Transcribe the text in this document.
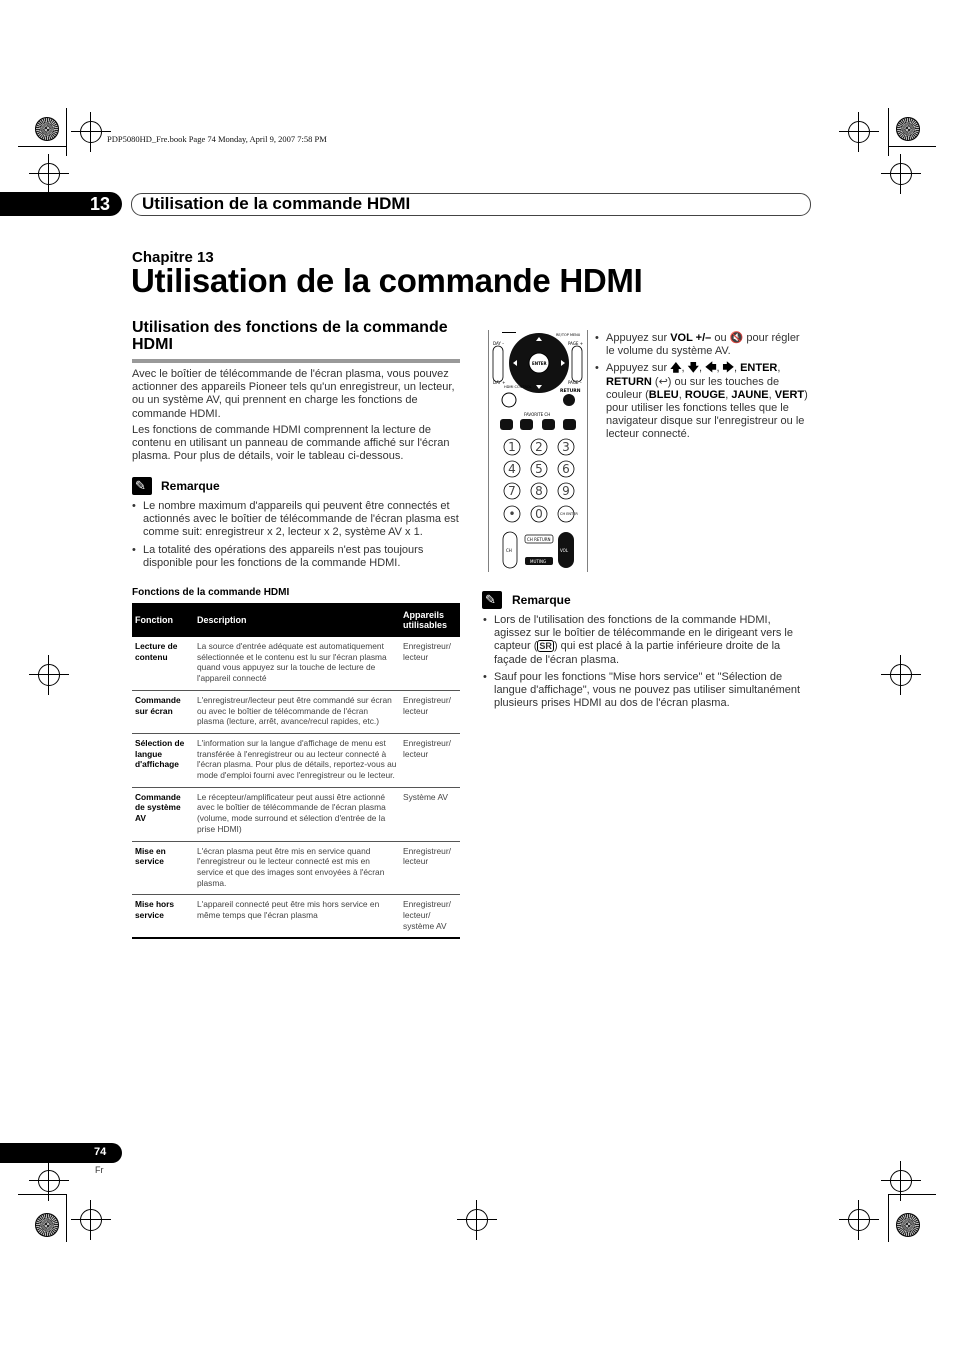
PDP5080HD_Fre.book Page 74 Monday, April 9, 2007 7:58 PM
13 Utilisation de la commande HDMI
Chapitre 13
Utilisation de la commande HDMI
Utilisation des fonctions de la commande HDMI

Avec le boîtier de télécommande de l'écran plasma, vous pouvez actionner des appareils Pioneer tels qu'un enregistreur, un lecteur, ou un système AV, qui prennent en charge les fonctions de commande HDMI.

Les fonctions de commande HDMI comprennent la lecture de contenu en utilisant un panneau de commande affiché sur l'écran plasma. Pour plus de détails, voir le tableau ci-dessous.

✎ Remarque
• Le nombre maximum d'appareils qui peuvent être connectés et actionnés avec le boîtier de télécommande de l'écran plasma est comme suit: enregistreur x 2, lecteur x 2, système AV x 1.
• La totalité des opérations des appareils n'est pas toujours disponible pour les fonctions de la commande HDMI.
Fonctions de la commande HDMI
Fonction	Description	Appareils utilisables
Lecture de contenu	La source d'entrée adéquate est automatiquement sélectionnée et le contenu est lu sur l'écran plasma quand vous appuyez sur la touche de lecture de l'appareil connecté	Enregistreur/ lecteur
Commande sur écran	L'enregistreur/lecteur peut être commandé sur écran ou avec le boîtier de télécommande de l'écran plasma (lecture, arrêt, avance/recul rapides, etc.)	Enregistreur/ lecteur
Sélection de langue d'affichage	L'information sur la langue d'affichage de menu est transférée à l'enregistreur ou au lecteur connecté à l'écran plasma. Pour plus de détails, reportez-vous au mode d'emploi fourni avec l'enregistreur ou le lecteur.	Enregistreur/ lecteur
Commande de système AV	Le récepteur/amplificateur peut aussi être actionné avec le boîtier de télécommande de l'écran plasma (volume, mode surround et sélection d'entrée de la prise HDMI)	Système AV
Mise en service	L'écran plasma peut être mis en service quand l'enregistreur ou le lecteur connecté est mis en service et que des images sont envoyées à l'écran plasma.	Enregistreur/ lecteur
Mise hors service	L'appareil connecté peut être mis hors service en même temps que l'écran plasma	Enregistreur/ lecteur/ système AV
DAY –
DAY +
PAGE +
PAGE –
RE/TOP MENU
ENTER
HDMI CONTROL
RETURN
FAVORITE CH
1 2 3
4 5 6
7 8 9
• 0	CH ENTER
CH
CH RETURN
MUTING
VOL
• Appuyez sur VOL +/– ou 🔇 pour régler le volume du système AV.
• Appuyez sur 🡅, 🡇, 🡄, 🡆, ENTER, RETURN (↩) ou sur les touches de couleur (BLEU, ROUGE, JAUNE, VERT) pour utiliser les fonctions telles que le navigateur disque sur l'enregistreur ou le lecteur connecté.
✎ Remarque
• Lors de l'utilisation des fonctions de la commande HDMI, agissez sur le boîtier de télécommande en le dirigeant vers le capteur ( SR ) qui est placé à la partie inférieure droite de la façade de l'écran plasma.
• Sauf pour les fonctions "Mise hors service" et "Sélection de langue d'affichage", vous ne pouvez pas utiliser simultanément plusieurs prises HDMI au dos de l'écran plasma.
74
Fr
